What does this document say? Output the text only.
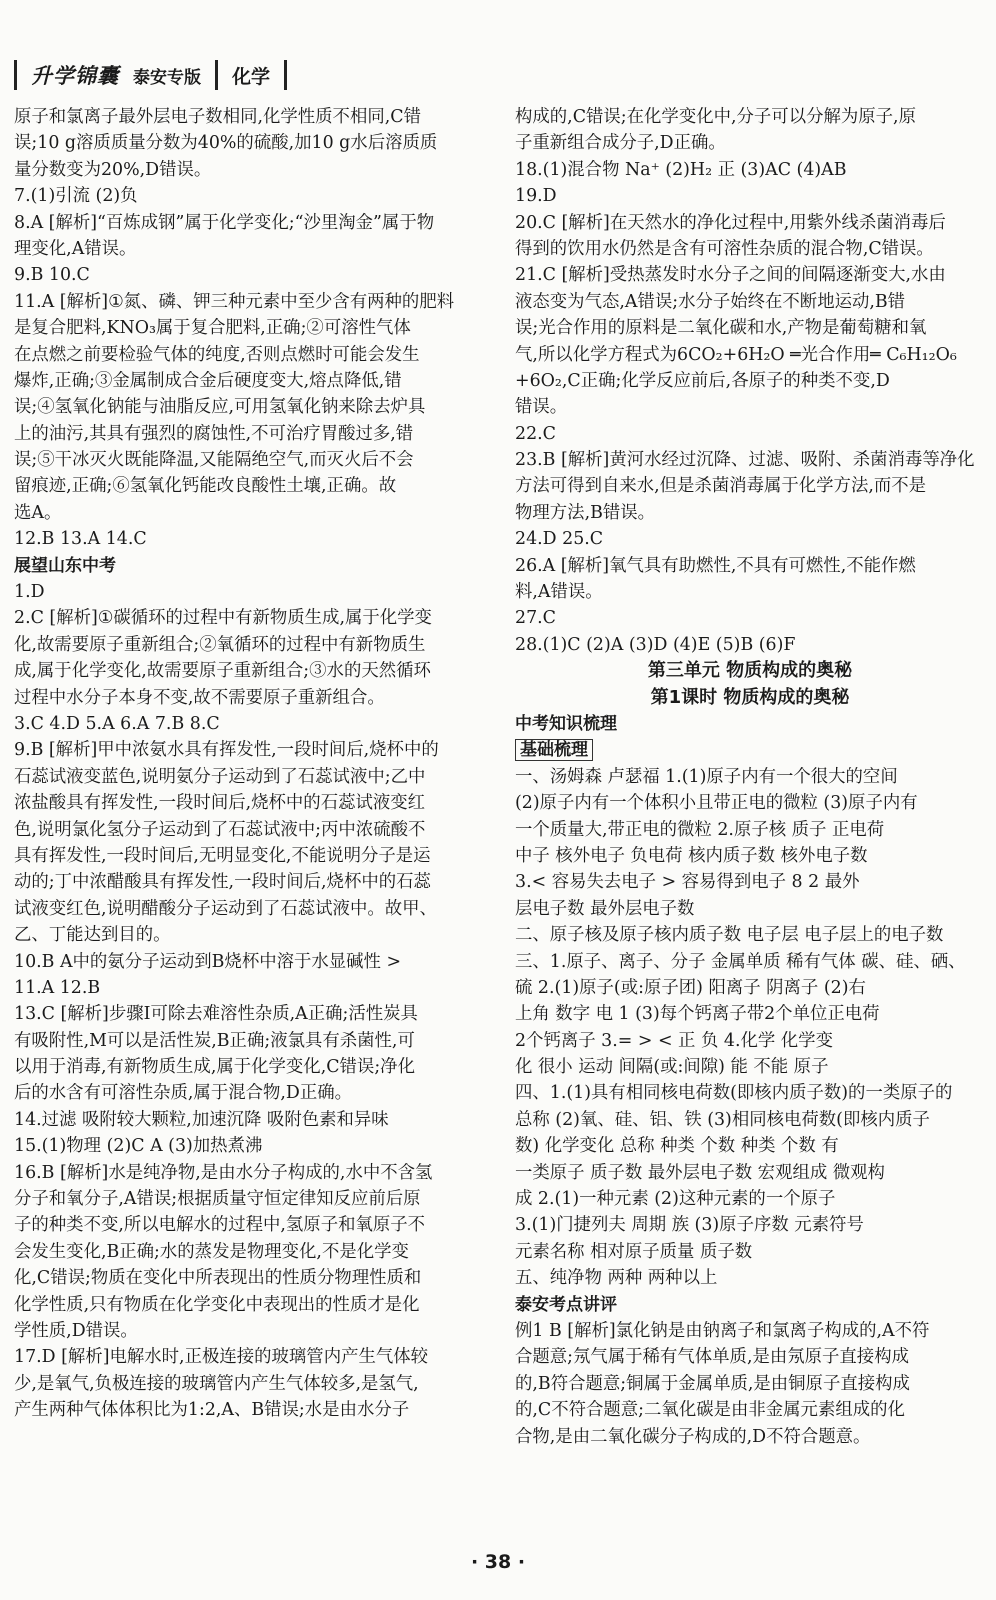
升学锦囊 泰安专版 化学
原子和氯离子最外层电子数相同,化学性质不相同,C错
误;10 g溶质质量分数为40%的硫酸,加10 g水后溶质质
量分数变为20%,D错误。
7.(1)引流 (2)负
8.A [解析]“百炼成钢”属于化学变化;“沙里淘金”属于物
理变化,A错误。
9.B 10.C
11.A [解析]①氮、磷、钾三种元素中至少含有两种的肥料
是复合肥料,KNO₃属于复合肥料,正确;②可溶性气体
在点燃之前要检验气体的纯度,否则点燃时可能会发生
爆炸,正确;③金属制成合金后硬度变大,熔点降低,错
误;④氢氧化钠能与油脂反应,可用氢氧化钠来除去炉具
上的油污,其具有强烈的腐蚀性,不可治疗胃酸过多,错
误;⑤干冰灭火既能降温,又能隔绝空气,而灭火后不会
留痕迹,正确;⑥氢氧化钙能改良酸性土壤,正确。故
选A。
12.B 13.A 14.C
展望山东中考
1.D
2.C [解析]①碳循环的过程中有新物质生成,属于化学变
化,故需要原子重新组合;②氧循环的过程中有新物质生
成,属于化学变化,故需要原子重新组合;③水的天然循环
过程中水分子本身不变,故不需要原子重新组合。
3.C 4.D 5.A 6.A 7.B 8.C
9.B [解析]甲中浓氨水具有挥发性,一段时间后,烧杯中的
石蕊试液变蓝色,说明氨分子运动到了石蕊试液中;乙中
浓盐酸具有挥发性,一段时间后,烧杯中的石蕊试液变红
色,说明氯化氢分子运动到了石蕊试液中;丙中浓硫酸不
具有挥发性,一段时间后,无明显变化,不能说明分子是运
动的;丁中浓醋酸具有挥发性,一段时间后,烧杯中的石蕊
试液变红色,说明醋酸分子运动到了石蕊试液中。故甲、
乙、丁能达到目的。
10.B A中的氨分子运动到B烧杯中溶于水显碱性 >
11.A 12.B
13.C [解析]步骤Ⅰ可除去难溶性杂质,A正确;活性炭具
有吸附性,M可以是活性炭,B正确;液氯具有杀菌性,可
以用于消毒,有新物质生成,属于化学变化,C错误;净化
后的水含有可溶性杂质,属于混合物,D正确。
14.过滤 吸附较大颗粒,加速沉降 吸附色素和异味
15.(1)物理 (2)C A (3)加热煮沸
16.B [解析]水是纯净物,是由水分子构成的,水中不含氢
分子和氧分子,A错误;根据质量守恒定律知反应前后原
子的种类不变,所以电解水的过程中,氢原子和氧原子不
会发生变化,B正确;水的蒸发是物理变化,不是化学变
化,C错误;物质在变化中所表现出的性质分物理性质和
化学性质,只有物质在化学变化中表现出的性质才是化
学性质,D错误。
17.D [解析]电解水时,正极连接的玻璃管内产生气体较
少,是氧气,负极连接的玻璃管内产生气体较多,是氢气,
产生两种气体体积比为1:2,A、B错误;水是由水分子
构成的,C错误;在化学变化中,分子可以分解为原子,原
子重新组合成分子,D正确。
18.(1)混合物 Na⁺ (2)H₂ 正 (3)AC (4)AB
19.D
20.C [解析]在天然水的净化过程中,用紫外线杀菌消毒后
得到的饮用水仍然是含有可溶性杂质的混合物,C错误。
21.C [解析]受热蒸发时水分子之间的间隔逐渐变大,水由
液态变为气态,A错误;水分子始终在不断地运动,B错
误;光合作用的原料是二氧化碳和水,产物是葡萄糖和氧
气,所以化学方程式为6CO₂+6H₂O ═光合作用═ C₆H₁₂O₆
+6O₂,C正确;化学反应前后,各原子的种类不变,D
错误。
22.C
23.B [解析]黄河水经过沉降、过滤、吸附、杀菌消毒等净化
方法可得到自来水,但是杀菌消毒属于化学方法,而不是
物理方法,B错误。
24.D 25.C
26.A [解析]氧气具有助燃性,不具有可燃性,不能作燃
料,A错误。
27.C
28.(1)C (2)A (3)D (4)E (5)B (6)F
第三单元 物质构成的奥秘
第1课时 物质构成的奥秘
中考知识梳理
基础梳理
一、汤姆森 卢瑟福 1.(1)原子内有一个很大的空间
(2)原子内有一个体积小且带正电的微粒 (3)原子内有
一个质量大,带正电的微粒 2.原子核 质子 正电荷
中子 核外电子 负电荷 核内质子数 核外电子数
3.< 容易失去电子 > 容易得到电子 8 2 最外
层电子数 最外层电子数
二、原子核及原子核内质子数 电子层 电子层上的电子数
三、1.原子、离子、分子 金属单质 稀有气体 碳、硅、硒、
硫 2.(1)原子(或:原子团) 阳离子 阴离子 (2)右
上角 数字 电 1 (3)每个钙离子带2个单位正电荷
2个钙离子 3.= > < 正 负 4.化学 化学变
化 很小 运动 间隔(或:间隙) 能 不能 原子
四、1.(1)具有相同核电荷数(即核内质子数)的一类原子的
总称 (2)氧、硅、铝、铁 (3)相同核电荷数(即核内质子
数) 化学变化 总称 种类 个数 种类 个数 有
一类原子 质子数 最外层电子数 宏观组成 微观构
成 2.(1)一种元素 (2)这种元素的一个原子
3.(1)门捷列夫 周期 族 (3)原子序数 元素符号
元素名称 相对原子质量 质子数
五、纯净物 两种 两种以上
泰安考点讲评
例1 B [解析]氯化钠是由钠离子和氯离子构成的,A不符
合题意;氖气属于稀有气体单质,是由氖原子直接构成
的,B符合题意;铜属于金属单质,是由铜原子直接构成
的,C不符合题意;二氧化碳是由非金属元素组成的化
合物,是由二氧化碳分子构成的,D不符合题意。
· 38 ·
